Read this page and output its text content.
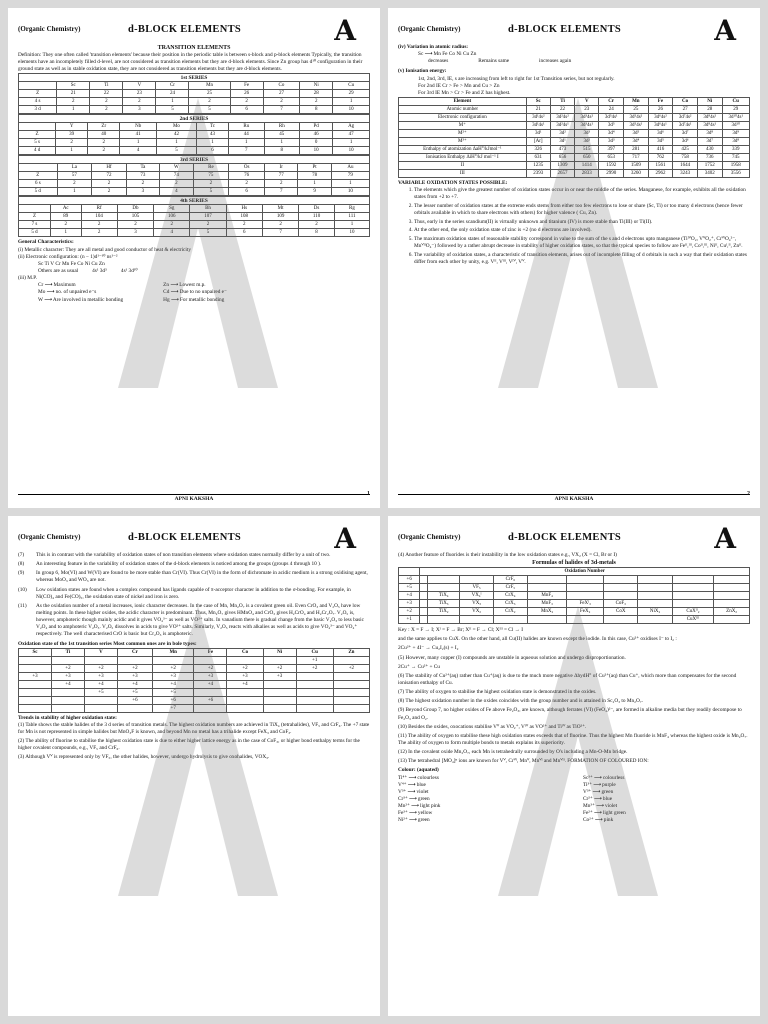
(Organic Chemistry)	d-BLOCK ELEMENTS	A
TRANSITION ELEMENTS
Definition: They one often called 'transition elements' because their position in the periodic table is between s-block and p-block elements Typically, the transition elements have an incompletely filled d-level, are not considered as transition elements but they are d-block elements. Since Zn group has d¹⁰ configuration in their ground state as well as in stable oxidation state, they are not considered as transition elements but they are d-block elements.
1st SERIES									
	Sc	Ti	V	Cr	Mn	Fe	Co	Ni	Cu
Z	21	22	23	24	25	26	27	28	29
4 s	2	2	2	1	2	2	2	2	1
3 d	1	2	3	5	5	6	7	8	10
2nd SERIES									
	Y	Zr	Nb	Mo	Tc	Ru	Rh	Pd	Ag
Z	39	40	41	42	43	44	45	46	47
5 s	2	2	1	1	1	1	1	0	1
4 d	1	2	4	5	6	7	8	10	10
3rd SERIES									
	La	Hf	Ta	W	Re	Os	Ir	Pt	Au
Z	57	72	73	74	75	76	77	78	79
6 s	2	2	2	2	2	2	2	1	1
5 d	1	2	3	4	5	6	7	9	10
4th SERIES									
	Ac	Rf	Db	Sg	Bh	Hs	Mt	Ds	Rg
Z	89	104	105	106	107	108	109	110	111
7 s	2	2	2	2	2	2	2	2	1
5 d	1	2	3	4	5	6	7	8	10
General Characteristics:
(i) Metallic character: They are all metal and good conductor of heat & electricity
(ii) Electronic configuration: (n − 1)d¹⁻¹⁰ ns¹⁻²
Sc Ti V Cr Mn Fe Co Ni Cu Zn
Others are as usual	4s¹ 3d⁵	4s¹ 3d¹⁰
(iii) M.P.
Cr ⟶ Maximum
Mo ⟶ no. of unpaired e⁻s
W ⟶ Are involved in metallic bonding
Zn ⟶ Lowest m.p.
Cd ⟶ Due to no unpaired e⁻
Hg ⟶ For metallic bonding
APNI KAKSHA
1
(Organic Chemistry)	d-BLOCK ELEMENTS	A
(iv) Variation in atomic radius:
Sc ⟶ Mn Fe Co Ni Cu Zn
decreases	Remains same	increases again
(v) Ionisation energy:
1st, 2nd, 3rd, IE, s are increasing from left to right for 1st Transition series, but not regularly.
For 2nd IE Cr > Fe > Mn and Cu > Zn
For 3rd IE Mn > Cr > Fe and Z has highest.
Element	Sc	Ti	V	Cr	Mn	Fe	Co	Ni	Cu
Atomic number	21	22	23	24	25	26	27	28	29
Electronic configuration	3d¹4s²	3d²4s²	3d³4s²	3d⁵4s¹	3d⁵4s²	3d⁶4s²	3d⁷4s²	3d⁸4s²	3d¹⁰4s¹
M⁺	3d¹4s¹	3d²4s¹	3d³4s¹	3d⁵	3d⁵4s¹	3d⁶4s¹	3d⁷4s¹	3d⁸4s¹	3d¹⁰
M²⁺	3d¹	3d²	3d³	3d⁴	3d⁵	3d⁶	3d⁷	3d⁸	3d⁹
M³⁺	[Ar]	3d¹	3d²	3d³	3d⁴	3d⁵	3d⁶	3d⁷	3d⁸
Enthalpy of atomization ΔaH°/kJmol⁻¹	326	473	515	397	281	416	425	430	339
Ionisation Enthalpy ΔiH°/kJ mol⁻¹ I	631	656	650	653	717	762	758	736	745
II	1235	1309	1414	1592	1509	1561	1644	1752	1958
III	2393	2657	2833	2990	3260	2962	3243	3402	3556
VARIABLE OXIDATION STATES POSSIBLE:
1. The elements which give the greatest number of oxidation states occur in or near the middle of the series. Manganese, for example, exhibits all the oxidation states from +2 to +7.
2. The lesser number of oxidation states at the extreme ends stems from either too few electrons to lose or share (Sc, Ti) or too many d electrons (hence fewer orbitals available in which to share electrons with others) for higher valence ( Cu, Zn).
3. Thus, early in the series scandium(II) is virtually unknown and titanium (IV) is more stable than Ti(III) or Ti(II).
4. At the other end, the only oxidation state of zinc is +2 (no d electrons are involved).
5. The maximum oxidation states of reasonable stability correspond in value to the sum of the s and d electrons upto manganese (TiᴵⱽO₂, VⱽO₂⁺, CrⱽᴵO₄²⁻, MnⱽᴵᴵO₄⁻) followed by a rather abrupt decrease in stability of higher oxidation states, so that the typical species to follow are Feᴵᴵ,ᴵᴵᴵ, Coᴵᴵ,ᴵᴵᴵ, Niᴵᴵ, Cuᴵ,ᴵᴵ, Znᴵᴵ.
6. The variability of oxidation states, a characteristic of transition elements, arises out of incomplete filling of d orbitals in such a way that their oxidation states differ from each other by unity, e.g. Vᴵᴵ, Vᴵᴵᴵ, Vᴵⱽ, Vⱽ.
APNI KAKSHA
2
(Organic Chemistry)	d-BLOCK ELEMENTS	A
(7)	This is in contrast with the variability of oxidation states of non transition elements where oxidation states normally differ by a unit of two.
(8)	An interesting feature in the variability of oxidation states of the d-block elements is noticed among the groups (groups 4 through 10 ).
(9)	In group 6, Mo(VI) and W(VI) are found to be more stable than Cr(VI). Thus Cr(VI) in the form of dichromate in acidic medium is a strong oxidising agent, whereas MoO₃ and WO₃ are not.
(10)	Low oxidation states are found when a complex compound has ligands capable of π-acceptor character in addition to the σ-bonding. For example, in Ni(CO)₄ and Fe(CO)₅, the oxidation state of nickel and iron is zero.
(11)	As the oxidation number of a metal increases, ionic character decreases. In the case of Mn, Mn₂O₇ is a covalent green oil. Even CrO₃ and V₂O₅ have low melting points. In these higher oxides, the acidic character is predominant. Thus, Mn₂O₇ gives HMnO₄ and CrO₃ gives H₂CrO₄ and H₂Cr₂O₇. V₂O₅ is, however, amphoteric though mainly acidic and it gives VO₄³⁻ as well as VO²⁺ salts. In vanadium there is gradual change from the basic V₂O₃ to less basic V₂O₄ and to amphoteric V₂O₅. V₂O₅ dissolves in acids to give VO²⁺ salts. Similarly, V₂O₅ reacts with alkalies as well as acids to give VO₄³⁻ and VO₄⁺ respectively. The well characterised CrO is basic but Cr₂O₃ is amphoteric.
Oxidation state of the 1st transition series Most common ones are in bole types:
Sc	Ti	V	Cr	Mn	Fe	Co	Ni	Cu	Zn
								+1	
	+2	+2	+2	+2	+2	+2	+2	+2	+2
+3	+3	+3	+3	+3	+3	+3	+3		
	+4	+4	+4	+4	+4	+4			
		+5	+5	+5					
			+6	+6	+6				
				+7					
Trends in stability of higher oxidation state:

(1) Table shows the stable halides of the 3 d series of transition metals. The highest oxidation numbers are achieved in TiX₄ (tetrahalides), VF₅ and CrF₆. The +7 state for Mn is not represented in simple halides but MnO₃F is known, and beyond Mn no metal has a trihalide except FeX₃ and CoF₃.

(2) The ability of fluorine to stabilise the highest oxidation state is due to either higher lattice energy as in the case of CoF₃, or higher bond enthalpy terms for the higher covalent compounds, e.g., VF₅ and CrF₆.

(3) Although Vⱽ is represented only by VF₅, the other halides, however, undergo hydrolysis to give oxohalides, VOX₃.

(Organic Chemistry)	d-BLOCK ELEMENTS	A
(4) Another feature of fluorides is their instability in the low oxidation states e.g., VX₂ (X = Cl, Br or I)
Formulas of halides of 3d-metals
	Oxidation Number									
+6				CrF₆						
+5			VF₅	CrF₅						
+4		TiX₄	VX₄ᴵ	CrX₄	MnF₄					
+3		TiX₃	VX₃	CrX₃	MnF₃	FeXᴵ₃	CoF₃			
+2		TiX₂	VX₂	CrX₂	MnX₂	FeX₂	CoX	NiX₂	CuXᴵᴵ₂	ZnX₂
+1									CuXᴵᴵᴵ	

Key : X = F → I; Xᴵ = F → Br; Xᴵᴵ = F → Cl; Xᴵᴵᴵ = Cl → I

and the same applies to CuX. On the other hand, all Cu(II) halides are known except the iodide. In this case, Cu²⁺ oxidises I⁻ to I₂ :

2Cu²⁺ + 4I⁻ → Cu₂I₂(s) + I₂

(5) However, many copper (I) compounds are unstable in aqueous solution and undergo disproportionation.

2Cu⁺ → Cu²⁺ + Cu

(6) The stability of Cu²⁺(aq) rather than Cu⁺(aq) is due to the much more negative ΔhydH° of Cu²⁺(aq) than Cu⁺, which more than compensates for the second ionisation enthalpy of Cu.

(7) The ability of oxygen to stabilise the highest oxidation state is demonstrated in the oxides.

(8) The highest oxidation number in the oxides coincides with the group number and is attained in Sc₂O₃ to Mn₂O₇.

(9) Beyond Group 7, no higher oxides of Fe above Fe₂O₃, are known, although ferrates (VI) (FeO₄)²⁻, are formed in alkaline media but they readily decompose to Fe₂O₃ and O₂.

(10) Besides the oxides, oxocations stabilise Vⱽ as VO₂⁺, Vᴵⱽ as VO²⁺ and Tiᴵⱽ as TiO²⁺.

(11) The ability of oxygen to stabilise these high oxidation states exceeds that of fluorine. Thus the highest Mn fluoride is MnF₄ whereas the highest oxide is Mn₂O₇. The ability of oxygen to form multiple bonds to metals explains its superiority.

(12) In the covalent oxide Mn₂O₇, each Mn is tetrahedrally surrounded by O's including a Mn-O-Mn bridge.

(13) The tetrahedral [MO₄]ⁿ ions are known for Vⱽ, Crⱽᴵ, Mnⱽ, Mnⱽᴵ and Mnⱽᴵᴵ. FORMATION OF COLOURED ION:

Colour: (aquated)
Ti⁴⁺ ⟶ colourless
V⁴⁺ ⟶ blue
V³⁺ ⟶ violet
Cr³⁺ ⟶ green
Mn²⁺ ⟶ light pink
Fe³⁺ ⟶ yellow
Ni²⁺ ⟶ green
Sc³⁺ ⟶ colourless
Ti³⁺ ⟶ purple
V³⁺ ⟶ green
Cr²⁺ ⟶ blue
Mn³⁺ ⟶ violet
Fe²⁺ ⟶ light green
Co²⁺ ⟶ pink
